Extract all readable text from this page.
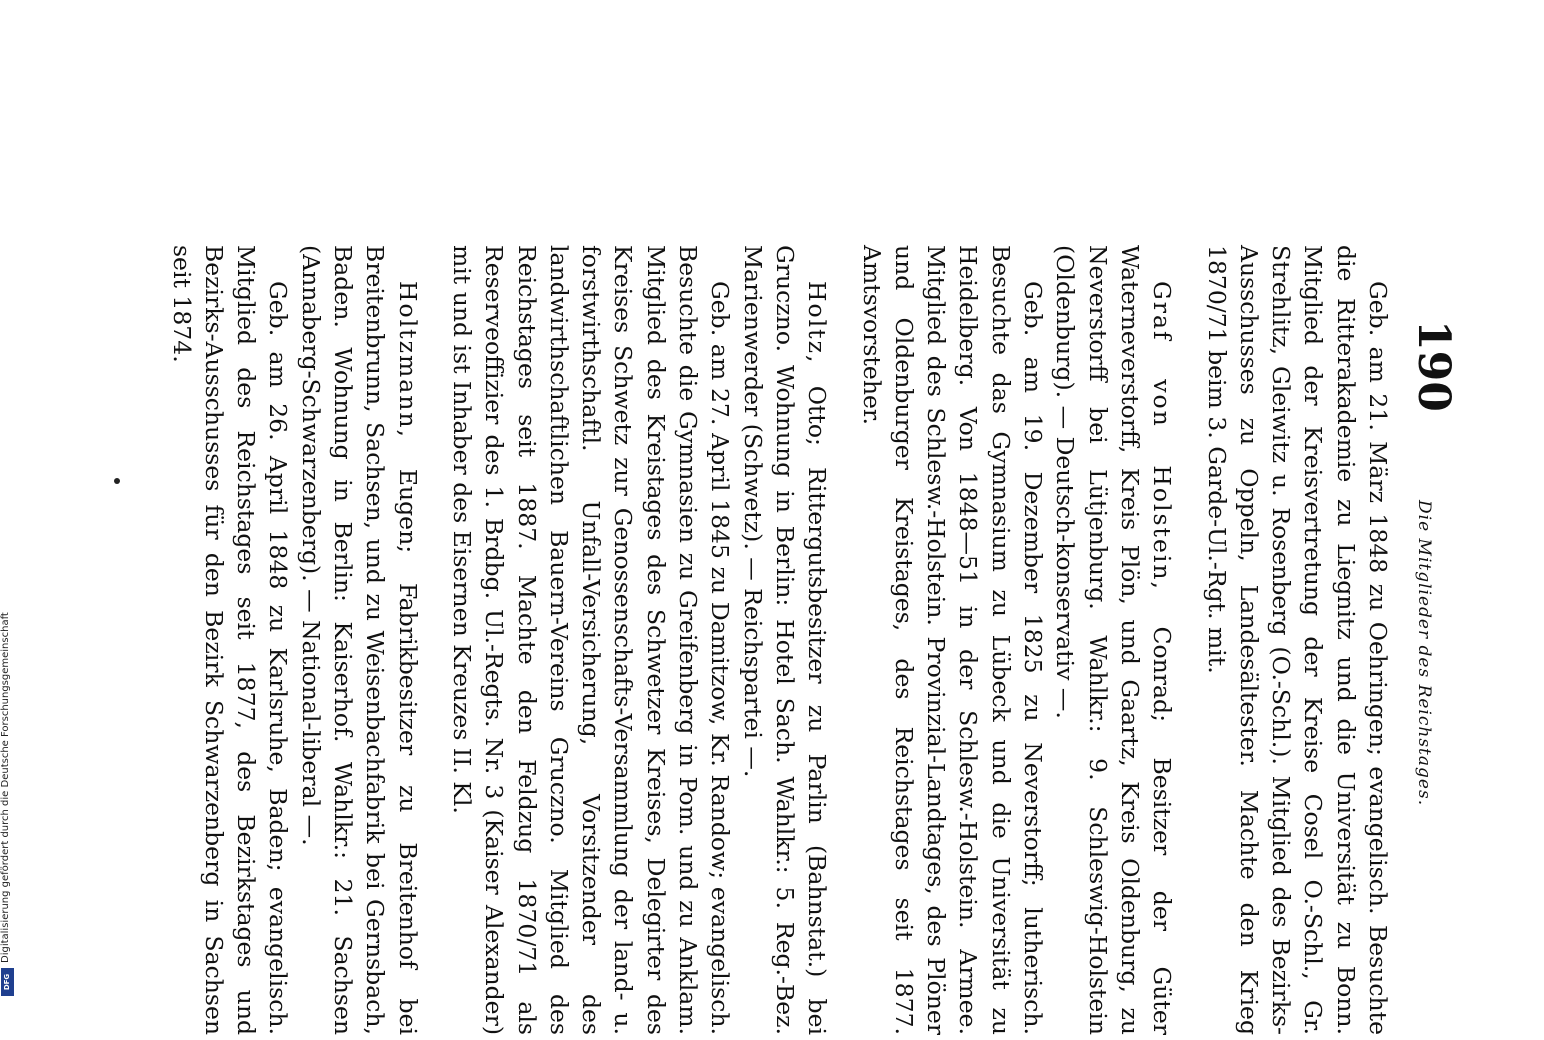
190
Die Mitglieder des Reichstages.

Geb. am 21. März 1848 zu Oehringen; evangelisch. Besuchte die Ritterakademie zu Liegnitz und die Universität zu Bonn. Mitglied der Kreisvertretung der Kreise Cosel O.-Schl., Gr. Strehlitz, Gleiwitz u. Rosenberg (O.-Schl.). Mitglied des Bezirks-Ausschusses zu Oppeln, Landesältester. Machte den Krieg 1870/71 beim 3. Garde-Ul.-Rgt. mit.

Graf von Holstein, Conrad; Besitzer der Güter Waterneverstorff, Kreis Plön, und Gaartz, Kreis Oldenburg, zu Neverstorff bei Lütjenburg. Wahlkr.: 9. Schleswig-Holstein (Oldenburg). — Deutsch-konservativ —.

Geb. am 19. Dezember 1825 zu Neverstorff; lutherisch. Besuchte das Gymnasium zu Lübeck und die Universität zu Heidelberg. Von 1848—51 in der Schlesw.-Holstein. Armee. Mitglied des Schlesw.-Holstein. Provinzial-Landtages, des Plöner und Oldenburger Kreistages, des Reichstages seit 1877. Amtsvorsteher.

Holtz, Otto; Rittergutsbesitzer zu Parlin (Bahnstat.) bei Gruczno. Wohnung in Berlin: Hotel Sach. Wahlkr.: 5. Reg.-Bez. Marienwerder (Schwetz). — Reichspartei —.

Geb. am 27. April 1845 zu Damitzow, Kr. Randow; evangelisch. Besuchte die Gymnasien zu Greifenberg in Pom. und zu Anklam. Mitglied des Kreistages des Schwetzer Kreises, Delegirter des Kreises Schwetz zur Genossenschafts-Versammlung der land- u. forstwirthschaftl. Unfall-Versicherung, Vorsitzender des landwirthschaftlichen Bauern-Vereins Gruczno. Mitglied des Reichstages seit 1887. Machte den Feldzug 1870/71 als Reserveoffizier des 1. Brdbg. Ul.-Regts. Nr. 3 (Kaiser Alexander) mit und ist Inhaber des Eisernen Kreuzes II. Kl.

Holtzmann, Eugen; Fabrikbesitzer zu Breitenhof bei Breitenbrunn, Sachsen, und zu Weisenbachfabrik bei Gernsbach, Baden. Wohnung in Berlin: Kaiserhof. Wahlkr.: 21. Sachsen (Annaberg-Schwarzenberg). — National-liberal —.

Geb. am 26. April 1848 zu Karlsruhe, Baden; evangelisch. Mitglied des Reichstages seit 1877, des Bezirkstages und Bezirks-Ausschusses für den Bezirk Schwarzenberg in Sachsen seit 1874.

Digitalisierung gefördert durch die Deutsche Forschungsgemeinschaft
DFG
